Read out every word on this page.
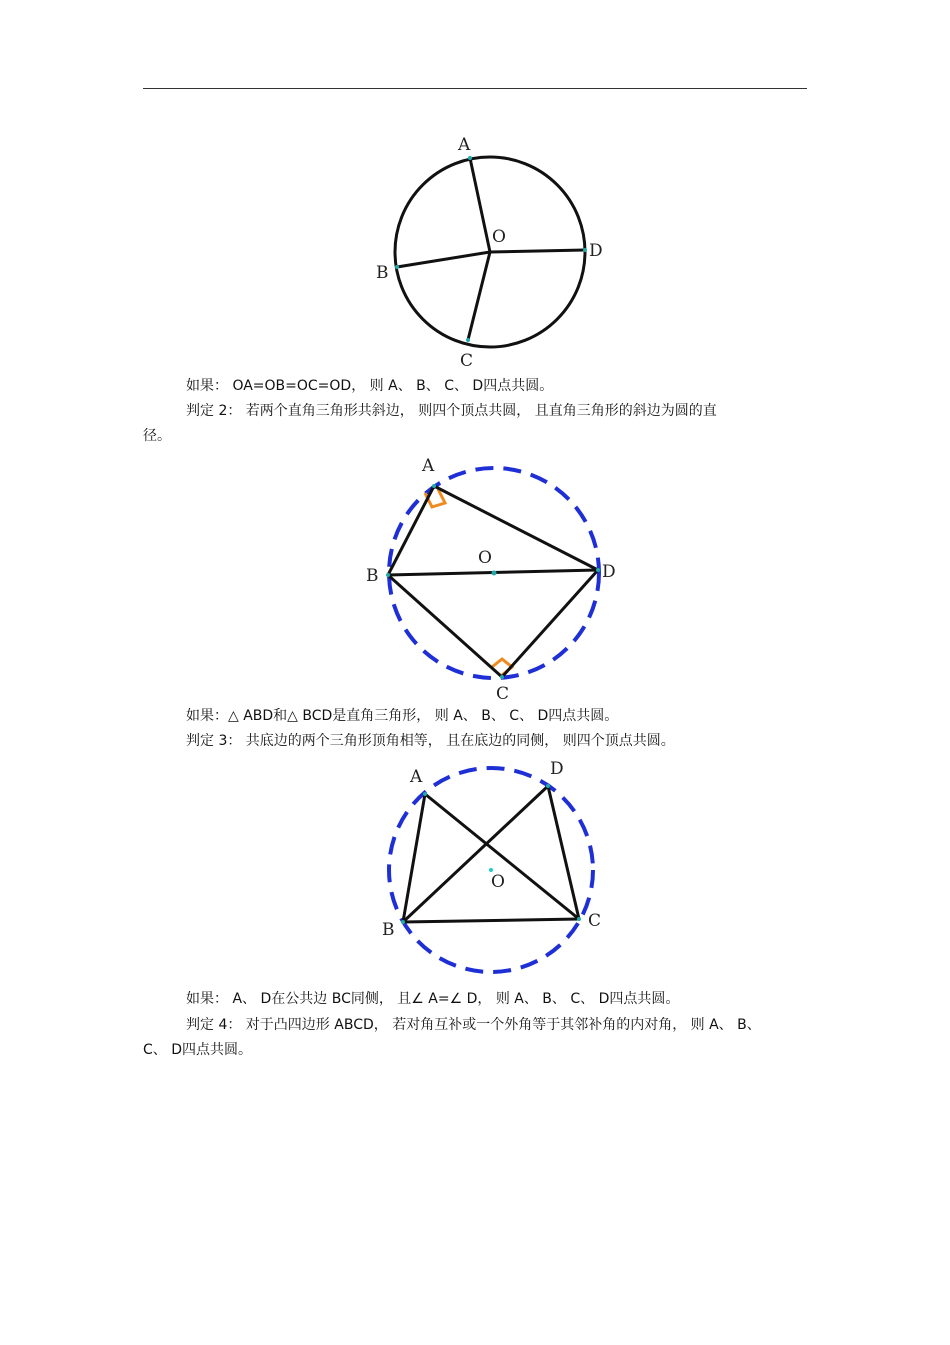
A
O
B
C
D
如果： OA=OB=OC=OD， 则 A、 B、 C、 D四点共圆。
判定 2： 若两个直角三角形共斜边， 则四个顶点共圆， 且直角三角形的斜边为圆的直
径。
A
O
B
C
D
如果：△ ABD和△ BCD是直角三角形， 则 A、 B、 C、 D四点共圆。
判定 3： 共底边的两个三角形顶角相等， 且在底边的同侧， 则四个顶点共圆。
A	D
O
B	C
如果： A、 D在公共边 BC同侧， 且∠ A=∠ D， 则 A、 B、 C、 D四点共圆。
判定 4： 对于凸四边形 ABCD， 若对角互补或一个外角等于其邻补角的内对角， 则 A、 B、
C、 D四点共圆。
